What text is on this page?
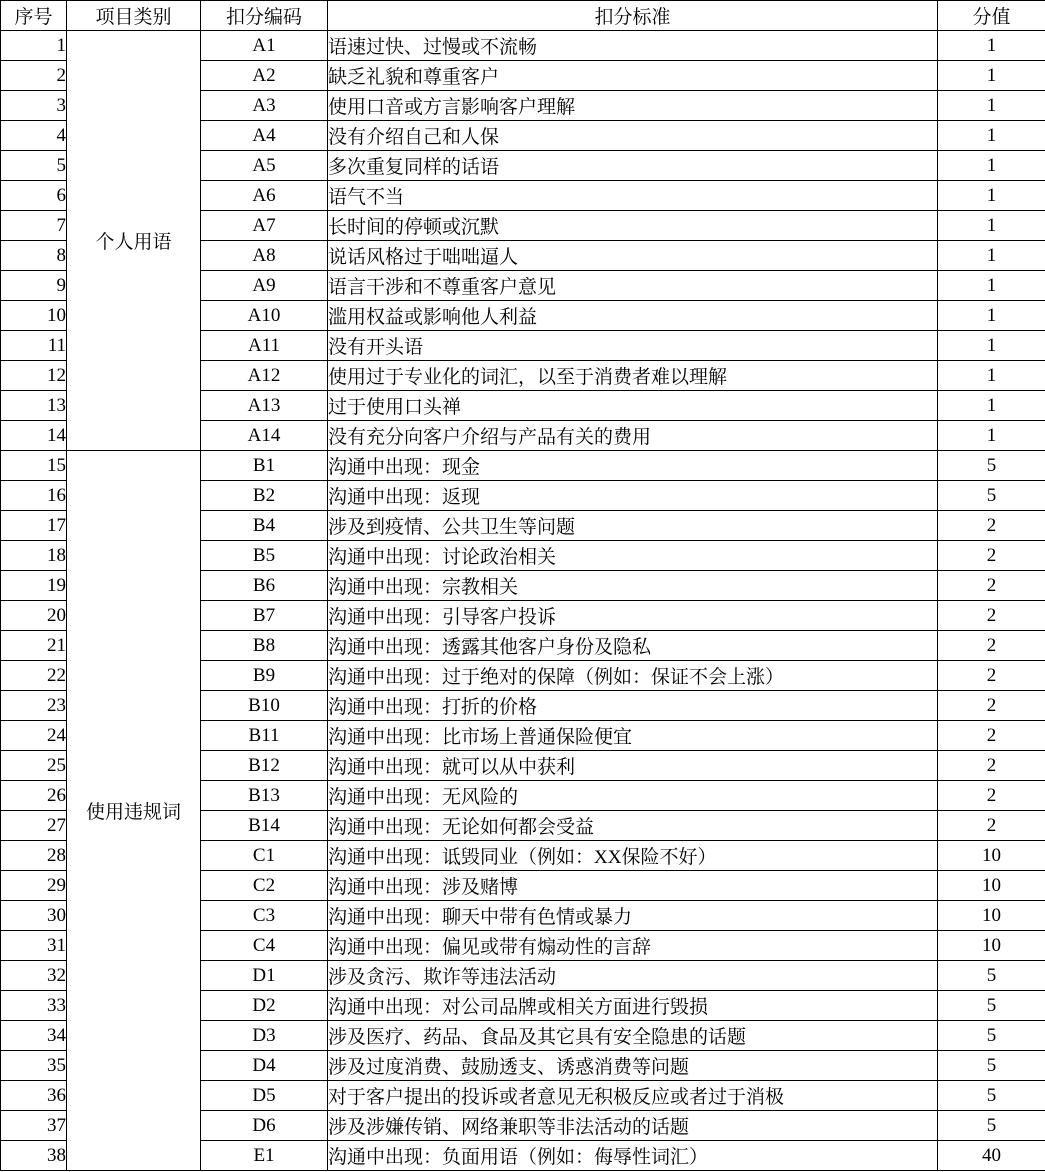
序号	项目类别	扣分编码	扣分标准	分值
1	个人用语	A1	语速过快、过慢或不流畅	1
2		A2	缺乏礼貌和尊重客户	1
3		A3	使用口音或方言影响客户理解	1
4		A4	没有介绍自己和人保	1
5		A5	多次重复同样的话语	1
6		A6	语气不当	1
7		A7	长时间的停顿或沉默	1
8		A8	说话风格过于咄咄逼人	1
9		A9	语言干涉和不尊重客户意见	1
10		A10	滥用权益或影响他人利益	1
11		A11	没有开头语	1
12		A12	使用过于专业化的词汇，以至于消费者难以理解	1
13		A13	过于使用口头禅	1
14		A14	没有充分向客户介绍与产品有关的费用	1
15	使用违规词	B1	沟通中出现：现金	5
16		B2	沟通中出现：返现	5
17		B4	涉及到疫情、公共卫生等问题	2
18		B5	沟通中出现：讨论政治相关	2
19		B6	沟通中出现：宗教相关	2
20		B7	沟通中出现：引导客户投诉	2
21		B8	沟通中出现：透露其他客户身份及隐私	2
22		B9	沟通中出现：过于绝对的保障（例如：保证不会上涨）	2
23		B10	沟通中出现：打折的价格	2
24		B11	沟通中出现：比市场上普通保险便宜	2
25		B12	沟通中出现：就可以从中获利	2
26		B13	沟通中出现：无风险的	2
27		B14	沟通中出现：无论如何都会受益	2
28		C1	沟通中出现：诋毁同业（例如：XX保险不好）	10
29		C2	沟通中出现：涉及赌博	10
30		C3	沟通中出现：聊天中带有色情或暴力	10
31		C4	沟通中出现：偏见或带有煽动性的言辞	10
32		D1	涉及贪污、欺诈等违法活动	5
33		D2	沟通中出现：对公司品牌或相关方面进行毁损	5
34		D3	涉及医疗、药品、食品及其它具有安全隐患的话题	5
35		D4	涉及过度消费、鼓励透支、诱惑消费等问题	5
36		D5	对于客户提出的投诉或者意见无积极反应或者过于消极	5
37		D6	涉及涉嫌传销、网络兼职等非法活动的话题	5
38		E1	沟通中出现：负面用语（例如：侮辱性词汇）	40
